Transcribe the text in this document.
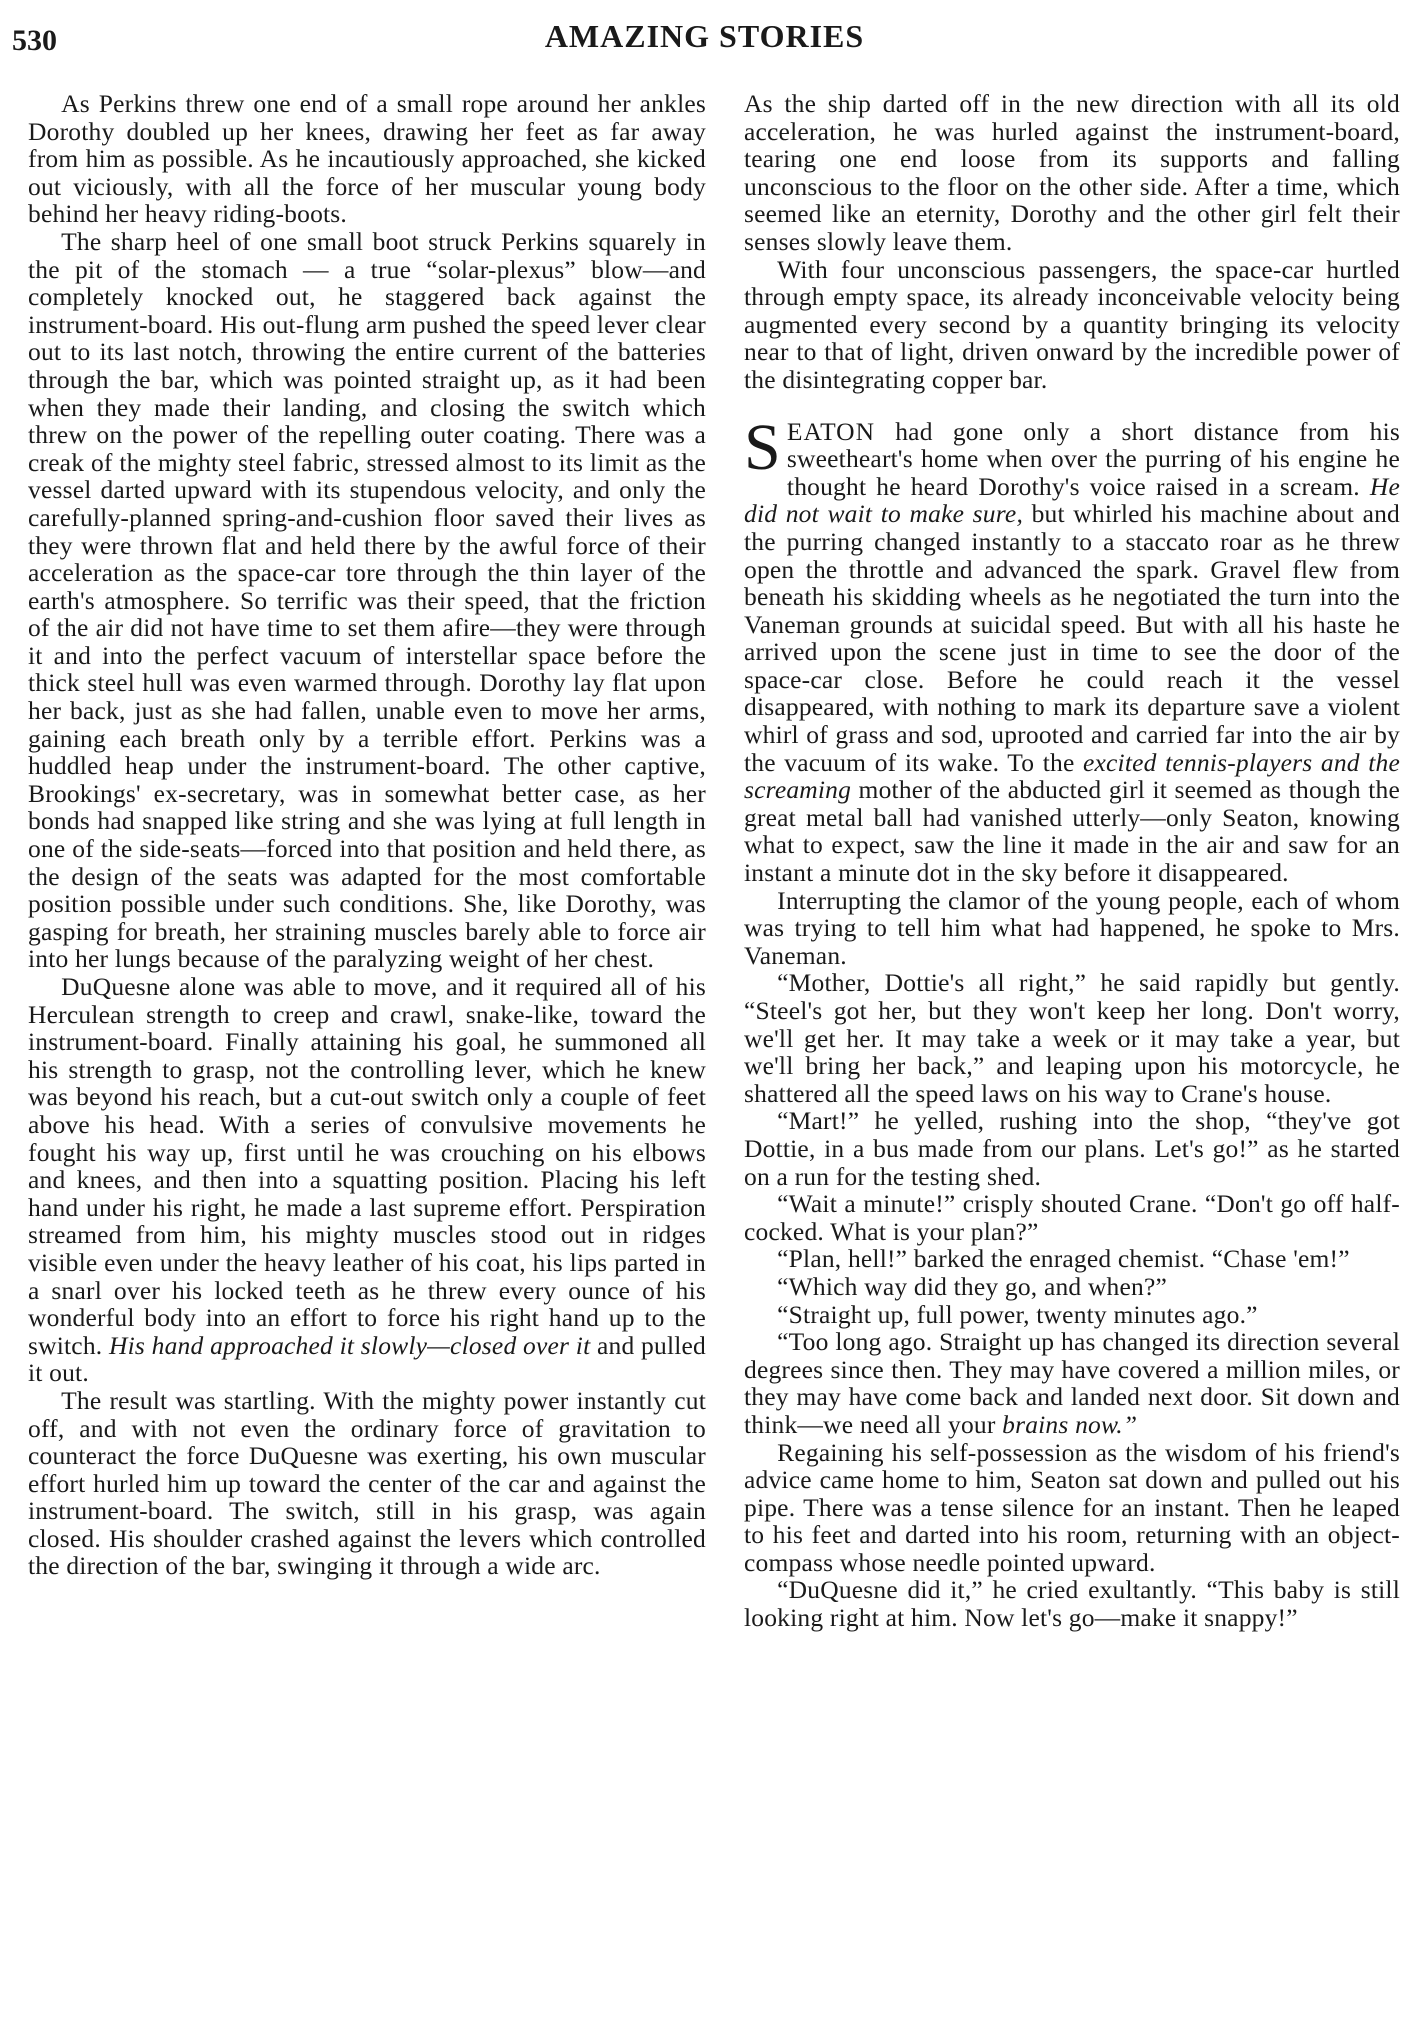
530	AMAZING STORIES

As Perkins threw one end of a small rope around her ankles Dorothy doubled up her knees, drawing her feet as far away from him as possible. As he incautiously approached, she kicked out viciously, with all the force of her muscular young body behind her heavy riding-boots.

The sharp heel of one small boot struck Perkins squarely in the pit of the stomach — a true “solar-plexus” blow—and completely knocked out, he staggered back against the instrument-board. His out-flung arm pushed the speed lever clear out to its last notch, throwing the entire current of the batteries through the bar, which was pointed straight up, as it had been when they made their landing, and closing the switch which threw on the power of the repelling outer coating. There was a creak of the mighty steel fabric, stressed almost to its limit as the vessel darted upward with its stupendous velocity, and only the carefully-planned spring-and-cushion floor saved their lives as they were thrown flat and held there by the awful force of their acceleration as the space-car tore through the thin layer of the earth's atmosphere. So terrific was their speed, that the friction of the air did not have time to set them afire—they were through it and into the perfect vacuum of interstellar space before the thick steel hull was even warmed through. Dorothy lay flat upon her back, just as she had fallen, unable even to move her arms, gaining each breath only by a terrible effort. Perkins was a huddled heap under the instrument-board. The other captive, Brookings' ex-secretary, was in somewhat better case, as her bonds had snapped like string and she was lying at full length in one of the side-seats—forced into that position and held there, as the design of the seats was adapted for the most comfortable position possible under such conditions. She, like Dorothy, was gasping for breath, her straining muscles barely able to force air into her lungs because of the paralyzing weight of her chest.

DuQuesne alone was able to move, and it required all of his Herculean strength to creep and crawl, snake-like, toward the instrument-board. Finally attaining his goal, he summoned all his strength to grasp, not the controlling lever, which he knew was beyond his reach, but a cut-out switch only a couple of feet above his head. With a series of convulsive movements he fought his way up, first until he was crouching on his elbows and knees, and then into a squatting position. Placing his left hand under his right, he made a last supreme effort. Perspiration streamed from him, his mighty muscles stood out in ridges visible even under the heavy leather of his coat, his lips parted in a snarl over his locked teeth as he threw every ounce of his wonderful body into an effort to force his right hand up to the switch. His hand approached it slowly—closed over it and pulled it out.

The result was startling. With the mighty power instantly cut off, and with not even the ordinary force of gravitation to counteract the force DuQuesne was exerting, his own muscular effort hurled him up toward the center of the car and against the instrument-board. The switch, still in his grasp, was again closed. His shoulder crashed against the levers which controlled the direction of the bar, swinging it through a wide arc.

As the ship darted off in the new direction with all its old acceleration, he was hurled against the instrument-board, tearing one end loose from its supports and falling unconscious to the floor on the other side. After a time, which seemed like an eternity, Dorothy and the other girl felt their senses slowly leave them.

With four unconscious passengers, the space-car hurtled through empty space, its already inconceivable velocity being augmented every second by a quantity bringing its velocity near to that of light, driven onward by the incredible power of the disintegrating copper bar.

SEATON had gone only a short distance from his sweetheart's home when over the purring of his engine he thought he heard Dorothy's voice raised in a scream. He did not wait to make sure, but whirled his machine about and the purring changed instantly to a staccato roar as he threw open the throttle and advanced the spark. Gravel flew from beneath his skidding wheels as he negotiated the turn into the Vaneman grounds at suicidal speed. But with all his haste he arrived upon the scene just in time to see the door of the space-car close. Before he could reach it the vessel disappeared, with nothing to mark its departure save a violent whirl of grass and sod, uprooted and carried far into the air by the vacuum of its wake. To the excited tennis-players and the screaming mother of the abducted girl it seemed as though the great metal ball had vanished utterly—only Seaton, knowing what to expect, saw the line it made in the air and saw for an instant a minute dot in the sky before it disappeared.

Interrupting the clamor of the young people, each of whom was trying to tell him what had happened, he spoke to Mrs. Vaneman.

“Mother, Dottie's all right,” he said rapidly but gently. “Steel's got her, but they won't keep her long. Don't worry, we'll get her. It may take a week or it may take a year, but we'll bring her back,” and leaping upon his motorcycle, he shattered all the speed laws on his way to Crane's house.

“Mart!” he yelled, rushing into the shop, “they've got Dottie, in a bus made from our plans. Let's go!” as he started on a run for the testing shed.

“Wait a minute!” crisply shouted Crane. “Don't go off half-cocked. What is your plan?”

“Plan, hell!” barked the enraged chemist. “Chase 'em!”

“Which way did they go, and when?”

“Straight up, full power, twenty minutes ago.”

“Too long ago. Straight up has changed its direction several degrees since then. They may have covered a million miles, or they may have come back and landed next door. Sit down and think—we need all your brains now.”

Regaining his self-possession as the wisdom of his friend's advice came home to him, Seaton sat down and pulled out his pipe. There was a tense silence for an instant. Then he leaped to his feet and darted into his room, returning with an object-compass whose needle pointed upward.

“DuQuesne did it,” he cried exultantly. “This baby is still looking right at him. Now let's go—make it snappy!”
